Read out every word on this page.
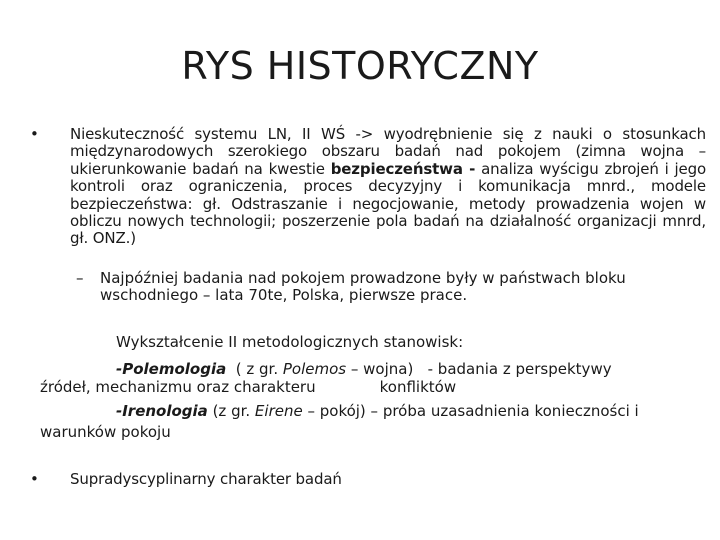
RYS HISTORYCZNY
• Nieskuteczność systemu LN, II WŚ -> wyodrębnienie się z nauki o stosunkach międzynarodowych szerokiego obszaru badań nad pokojem (zimna wojna – ukierunkowanie badań na kwestie bezpieczeństwa - analiza wyścigu zbrojeń i jego kontroli oraz ograniczenia, proces decyzyjny i komunikacja mnrd., modele bezpieczeństwa: gł. Odstraszanie i negocjowanie, metody prowadzenia wojen w obliczu nowych technologii; poszerzenie pola badań na działalność organizacji mnrd, gł. ONZ.)
– Najpóźniej badania nad pokojem prowadzone były w państwach bloku wschodniego – lata 70te, Polska, pierwsze prace.
Wykształcenie II metodologicznych stanowisk:
-Polemologia  ( z gr. Polemos – wojna)   - badania z perspektywy
źródeł, mechanizmu oraz charakteru	konfliktów
-Irenologia (z gr. Eirene – pokój) – próba uzasadnienia konieczności i
warunków pokoju
• Supradyscyplinarny charakter badań
